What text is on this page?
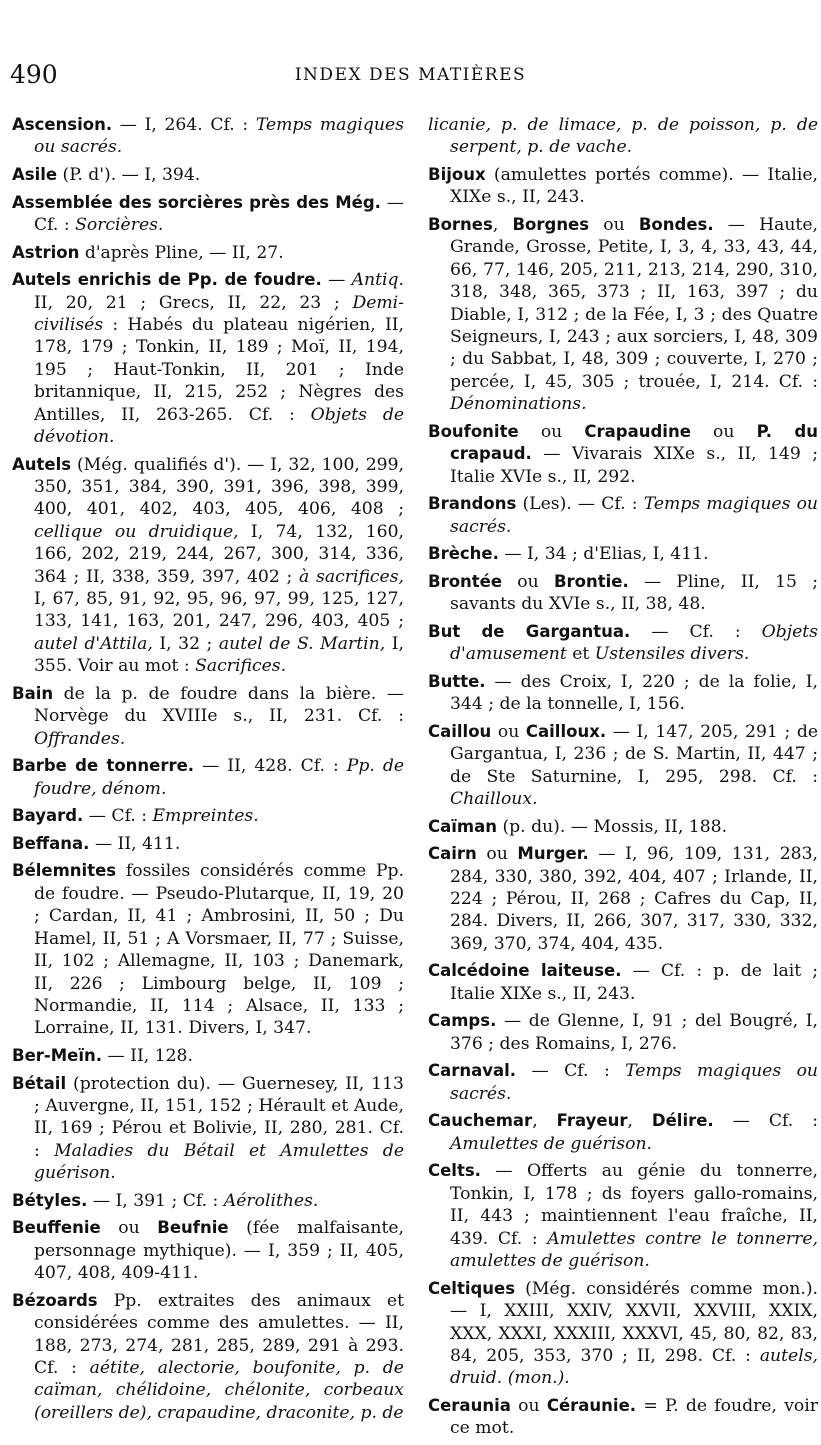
490	INDEX DES MATIÈRES

Ascension. — I, 264. Cf. : Temps magiques ou sacrés.

Asile (P. d'). — I, 394.

Assemblée des sorcières près des Még. — Cf. : Sorcières.

Astrion d'après Pline, — II, 27.

Autels enrichis de Pp. de foudre. — Antiq. II, 20, 21 ; Grecs, II, 22, 23 ; Demi-civilisés : Habés du plateau nigérien, II, 178, 179 ; Tonkin, II, 189 ; Moï, II, 194, 195 ; Haut-Tonkin, II, 201 ; Inde britannique, II, 215, 252 ; Nègres des Antilles, II, 263-265. Cf. : Objets de dévotion.

Autels (Még. qualifiés d'). — I, 32, 100, 299, 350, 351, 384, 390, 391, 396, 398, 399, 400, 401, 402, 403, 405, 406, 408 ; cellique ou druidique, I, 74, 132, 160, 166, 202, 219, 244, 267, 300, 314, 336, 364 ; II, 338, 359, 397, 402 ; à sacrifices, I, 67, 85, 91, 92, 95, 96, 97, 99, 125, 127, 133, 141, 163, 201, 247, 296, 403, 405 ; autel d'Attila, I, 32 ; autel de S. Martin, I, 355. Voir au mot : Sacrifices.

Bain de la p. de foudre dans la bière. — Norvège du XVIIIe s., II, 231. Cf. : Offrandes.

Barbe de tonnerre. — II, 428. Cf. : Pp. de foudre, dénom.

Bayard. — Cf. : Empreintes.

Beffana. — II, 411.

Bélemnites fossiles considérés comme Pp. de foudre. — Pseudo-Plutarque, II, 19, 20 ; Cardan, II, 41 ; Ambrosini, II, 50 ; Du Hamel, II, 51 ; A Vorsmaer, II, 77 ; Suisse, II, 102 ; Allemagne, II, 103 ; Danemark, II, 226 ; Limbourg belge, II, 109 ; Normandie, II, 114 ; Alsace, II, 133 ; Lorraine, II, 131. Divers, I, 347.

Ber-Meïn. — II, 128.

Bétail (protection du). — Guernesey, II, 113 ; Auvergne, II, 151, 152 ; Hérault et Aude, II, 169 ; Pérou et Bolivie, II, 280, 281. Cf. : Maladies du Bétail et Amulettes de guérison.

Bétyles. — I, 391 ; Cf. : Aérolithes.

Beuffenie ou Beufnie (fée malfaisante, personnage mythique). — I, 359 ; II, 405, 407, 408, 409-411.

Bézoards Pp. extraites des animaux et considérées comme des amulettes. — II, 188, 273, 274, 281, 285, 289, 291 à 293. Cf. : aétite, alectorie, boufonite, p. de caïman, chélidoine, chélonite, corbeaux (oreillers de), crapaudine, draconite, p. de

licanie, p. de limace, p. de poisson, p. de serpent, p. de vache.

Bijoux (amulettes portés comme). — Italie, XIXe s., II, 243.

Bornes, Borgnes ou Bondes. — Haute, Grande, Grosse, Petite, I, 3, 4, 33, 43, 44, 66, 77, 146, 205, 211, 213, 214, 290, 310, 318, 348, 365, 373 ; II, 163, 397 ; du Diable, I, 312 ; de la Fée, I, 3 ; des Quatre Seigneurs, I, 243 ; aux sorciers, I, 48, 309 ; du Sabbat, I, 48, 309 ; couverte, I, 270 ; percée, I, 45, 305 ; trouée, I, 214. Cf. : Dénominations.

Boufonite ou Crapaudine ou P. du crapaud. — Vivarais XIXe s., II, 149 ; Italie XVIe s., II, 292.

Brandons (Les). — Cf. : Temps magiques ou sacrés.

Brèche. — I, 34 ; d'Elias, I, 411.

Brontée ou Brontie. — Pline, II, 15 ; savants du XVIe s., II, 38, 48.

But de Gargantua. — Cf. : Objets d'amusement et Ustensiles divers.

Butte. — des Croix, I, 220 ; de la folie, I, 344 ; de la tonnelle, I, 156.

Caillou ou Cailloux. — I, 147, 205, 291 ; de Gargantua, I, 236 ; de S. Martin, II, 447 ; de Ste Saturnine, I, 295, 298. Cf. : Chailloux.

Caïman (p. du). — Mossis, II, 188.

Cairn ou Murger. — I, 96, 109, 131, 283, 284, 330, 380, 392, 404, 407 ; Irlande, II, 224 ; Pérou, II, 268 ; Cafres du Cap, II, 284. Divers, II, 266, 307, 317, 330, 332, 369, 370, 374, 404, 435.

Calcédoine laiteuse. — Cf. : p. de lait ; Italie XIXe s., II, 243.

Camps. — de Glenne, I, 91 ; del Bougré, I, 376 ; des Romains, I, 276.

Carnaval. — Cf. : Temps magiques ou sacrés.

Cauchemar, Frayeur, Délire. — Cf. : Amulettes de guérison.

Celts. — Offerts au génie du tonnerre, Tonkin, I, 178 ; ds foyers gallo-romains, II, 443 ; maintiennent l'eau fraîche, II, 439. Cf. : Amulettes contre le tonnerre, amulettes de guérison.

Celtiques (Még. considérés comme mon.). — I, XXIII, XXIV, XXVII, XXVIII, XXIX, XXX, XXXI, XXXIII, XXXVI, 45, 80, 82, 83, 84, 205, 353, 370 ; II, 298. Cf. : autels, druid. (mon.).

Ceraunia ou Céraunie. = P. de foudre, voir ce mot.
